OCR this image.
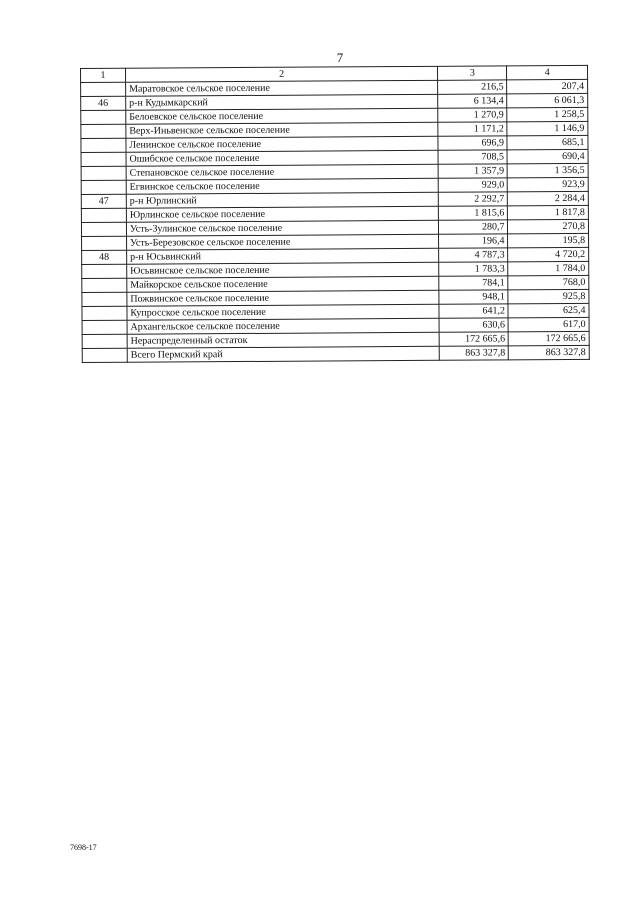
7
1	2	3	4
	Маратовское сельское поселение	216,5	207,4
46	р-н Кудымкарский	6 134,4	6 061,3
	Белоевское сельское поселение	1 270,9	1 258,5
	Верх-Иньвенское сельское поселение	1 171,2	1 146,9
	Ленинское сельское поселение	696,9	685,1
	Ошибское сельское поселение	708,5	690,4
	Степановское сельское поселение	1 357,9	1 356,5
	Егвинское сельское поселение	929,0	923,9
47	р-н Юрлинский	2 292,7	2 284,4
	Юрлинское сельское поселение	1 815,6	1 817,8
	Усть-Зулинское сельское поселение	280,7	270,8
	Усть-Березовское сельское поселение	196,4	195,8
48	р-н Юсьвинский	4 787,3	4 720,2
	Юсьвинское сельское поселение	1 783,3	1 784,0
	Майкорское сельское поселение	784,1	768,0
	Пожвинское сельское поселение	948,1	925,8
	Купросское сельское поселение	641,2	625,4
	Архангельское сельское поселение	630,6	617,0
	Нераспределенный остаток	172 665,6	172 665,6
	Всего Пермский край	863 327,8	863 327,8
7698-17
